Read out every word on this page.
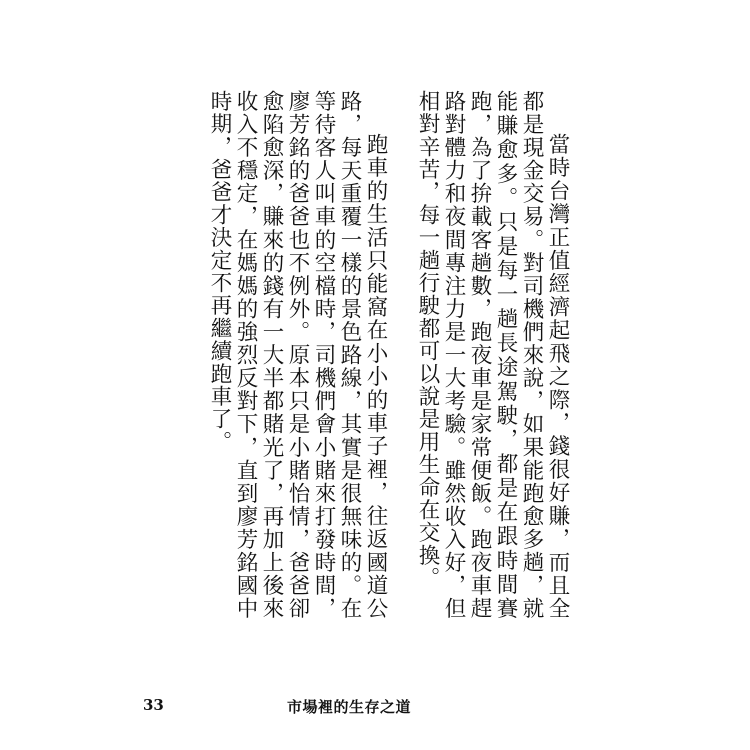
當時台灣正值經濟起飛之際，錢很好賺，而且全都是現金交易。對司機們來說，如果能跑愈多趟，就能賺愈多。只是每一趟長途駕駛，都是在跟時間賽跑，為了拚載客趟數，跑夜車是家常便飯。跑夜車趕路對體力和夜間專注力是一大考驗。雖然收入好，但相對辛苦，每一趟行駛都可以說是用生命在交換。

跑車的生活只能窩在小小的車子裡，往返國道公路，每天重覆一樣的景色路線，其實是很無味的。在等待客人叫車的空檔時，司機們會小賭來打發時間，廖芳銘的爸爸也不例外。原本只是小賭怡情，爸爸卻愈陷愈深，賺來的錢有一大半都賭光了，再加上後來收入不穩定，在媽媽的強烈反對下，直到廖芳銘國中時期，爸爸才決定不再繼續跑車了。

33	市場裡的生存之道
